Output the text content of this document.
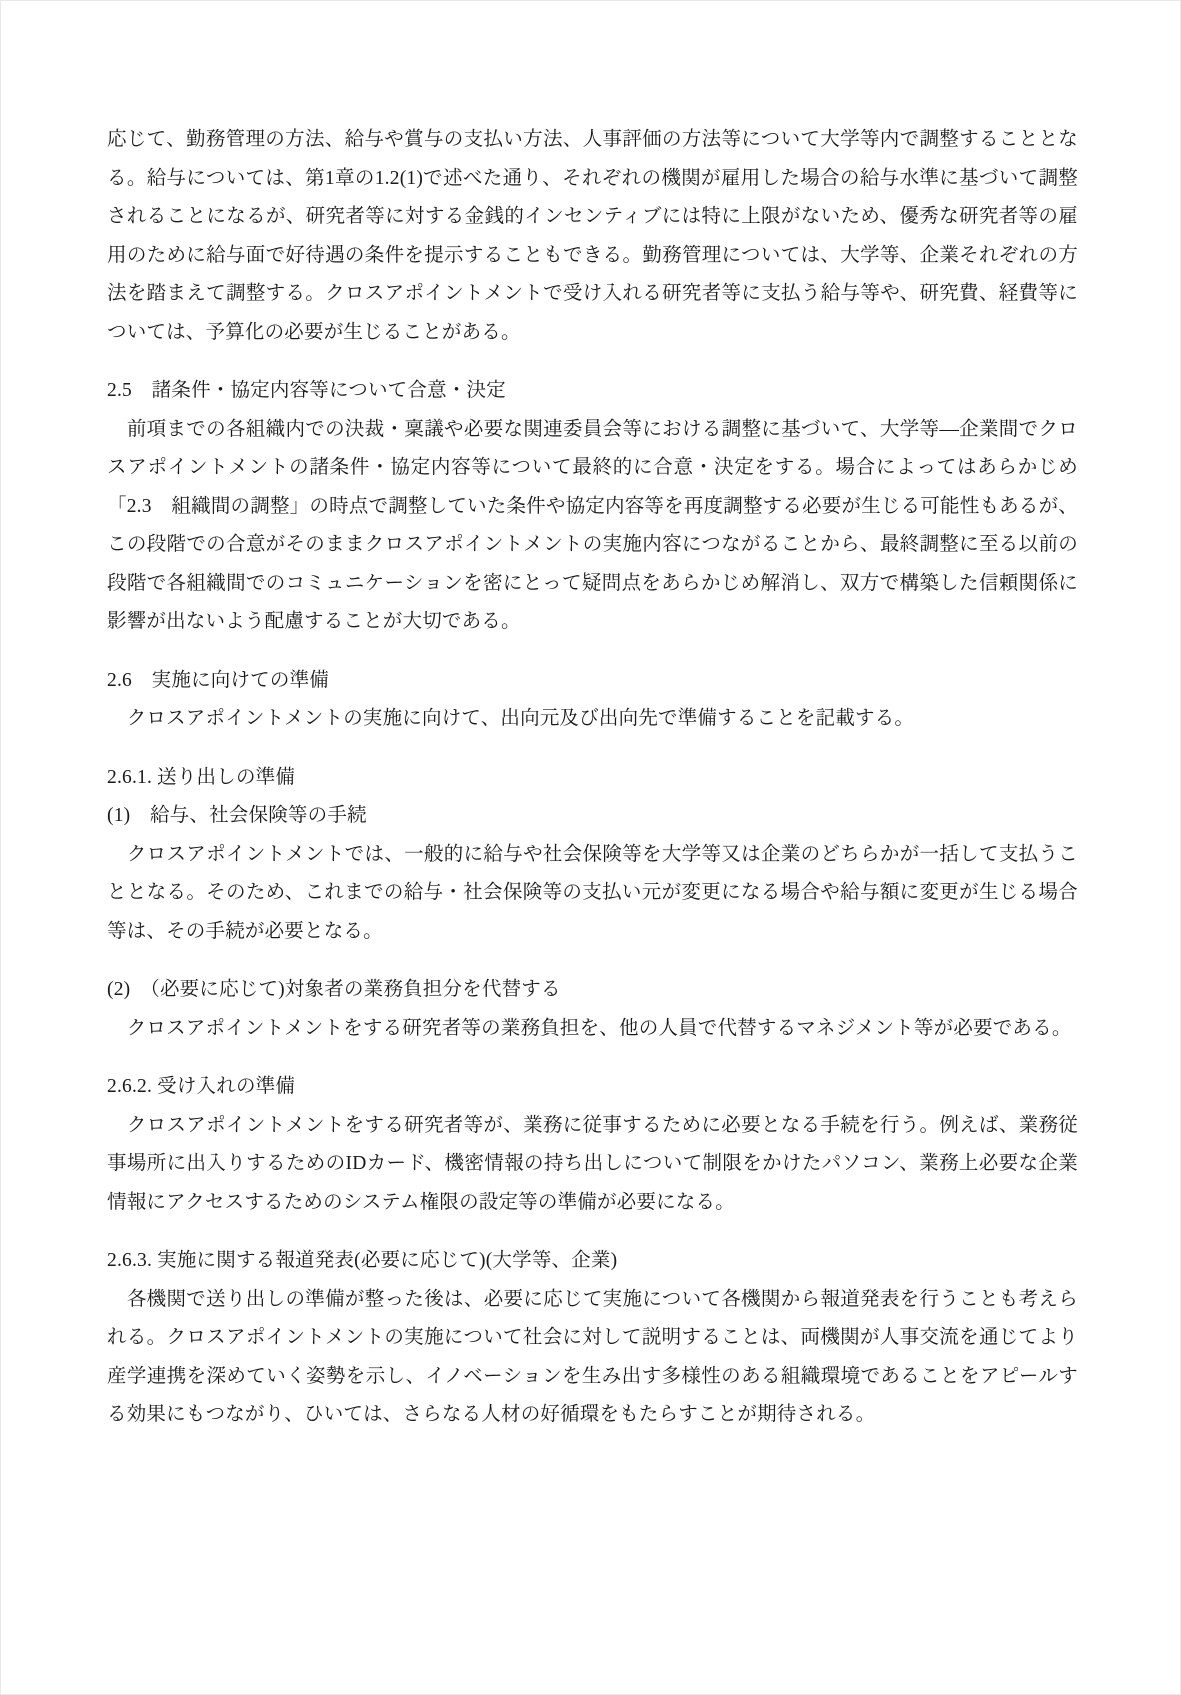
応じて、勤務管理の方法、給与や賞与の支払い方法、人事評価の方法等について大学等内で調整することとなる。給与については、第1章の1.2(1)で述べた通り、それぞれの機関が雇用した場合の給与水準に基づいて調整されることになるが、研究者等に対する金銭的インセンティブには特に上限がないため、優秀な研究者等の雇用のために給与面で好待遇の条件を提示することもできる。勤務管理については、大学等、企業それぞれの方法を踏まえて調整する。クロスアポイントメントで受け入れる研究者等に支払う給与等や、研究費、経費等については、予算化の必要が生じることがある。

2.5　諸条件・協定内容等について合意・決定

　前項までの各組織内での決裁・稟議や必要な関連委員会等における調整に基づいて、大学等―企業間でクロスアポイントメントの諸条件・協定内容等について最終的に合意・決定をする。場合によってはあらかじめ「2.3　組織間の調整」の時点で調整していた条件や協定内容等を再度調整する必要が生じる可能性もあるが、この段階での合意がそのままクロスアポイントメントの実施内容につながることから、最終調整に至る以前の段階で各組織間でのコミュニケーションを密にとって疑問点をあらかじめ解消し、双方で構築した信頼関係に影響が出ないよう配慮することが大切である。

2.6　実施に向けての準備

　クロスアポイントメントの実施に向けて、出向元及び出向先で準備することを記載する。

2.6.1. 送り出しの準備

(1)　給与、社会保険等の手続

　クロスアポイントメントでは、一般的に給与や社会保険等を大学等又は企業のどちらかが一括して支払うこととなる。そのため、これまでの給与・社会保険等の支払い元が変更になる場合や給与額に変更が生じる場合等は、その手続が必要となる。

(2)　（必要に応じて)対象者の業務負担分を代替する

　クロスアポイントメントをする研究者等の業務負担を、他の人員で代替するマネジメント等が必要である。

2.6.2. 受け入れの準備

　クロスアポイントメントをする研究者等が、業務に従事するために必要となる手続を行う。例えば、業務従事場所に出入りするためのIDカード、機密情報の持ち出しについて制限をかけたパソコン、業務上必要な企業情報にアクセスするためのシステム権限の設定等の準備が必要になる。

2.6.3. 実施に関する報道発表(必要に応じて)(大学等、企業)

　各機関で送り出しの準備が整った後は、必要に応じて実施について各機関から報道発表を行うことも考えられる。クロスアポイントメントの実施について社会に対して説明することは、両機関が人事交流を通じてより産学連携を深めていく姿勢を示し、イノベーションを生み出す多様性のある組織環境であることをアピールする効果にもつながり、ひいては、さらなる人材の好循環をもたらすことが期待される。
